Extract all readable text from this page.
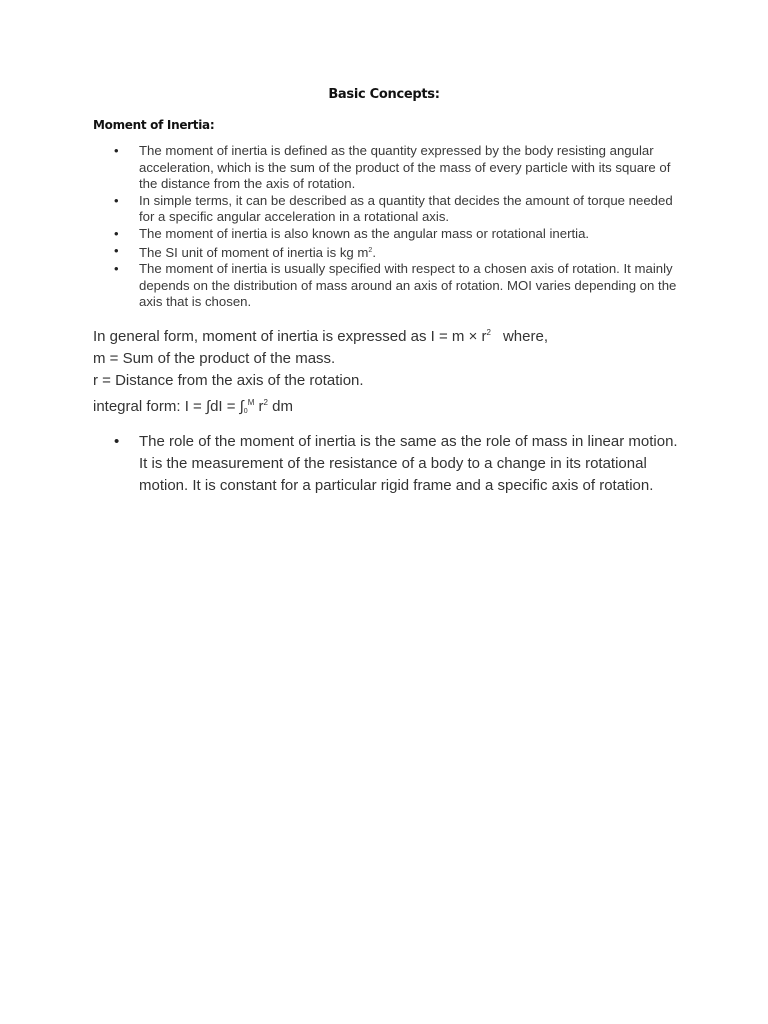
Basic Concepts:
Moment of Inertia:
• The moment of inertia is defined as the quantity expressed by the body resisting angular acceleration, which is the sum of the product of the mass of every particle with its square of the distance from the axis of rotation.
• In simple terms, it can be described as a quantity that decides the amount of torque needed for a specific angular acceleration in a rotational axis.
• The moment of inertia is also known as the angular mass or rotational inertia.
• The SI unit of moment of inertia is kg $m^2$.
• The moment of inertia is usually specified with respect to a chosen axis of rotation. It mainly depends on the distribution of mass around an axis of rotation. MOI varies depending on the axis that is chosen.
In general form, moment of inertia is expressed as $I = m \times r^2$ where,
m = Sum of the product of the mass.
r = Distance from the axis of the rotation.
integral form: $I = \int dI = \int 0^M$ $r^2$ dm
• The role of the moment of inertia is the same as the role of mass in linear motion. It is the measurement of the resistance of a body to a change in its rotational motion. It is constant for a particular rigid frame and a specific axis of rotation.
